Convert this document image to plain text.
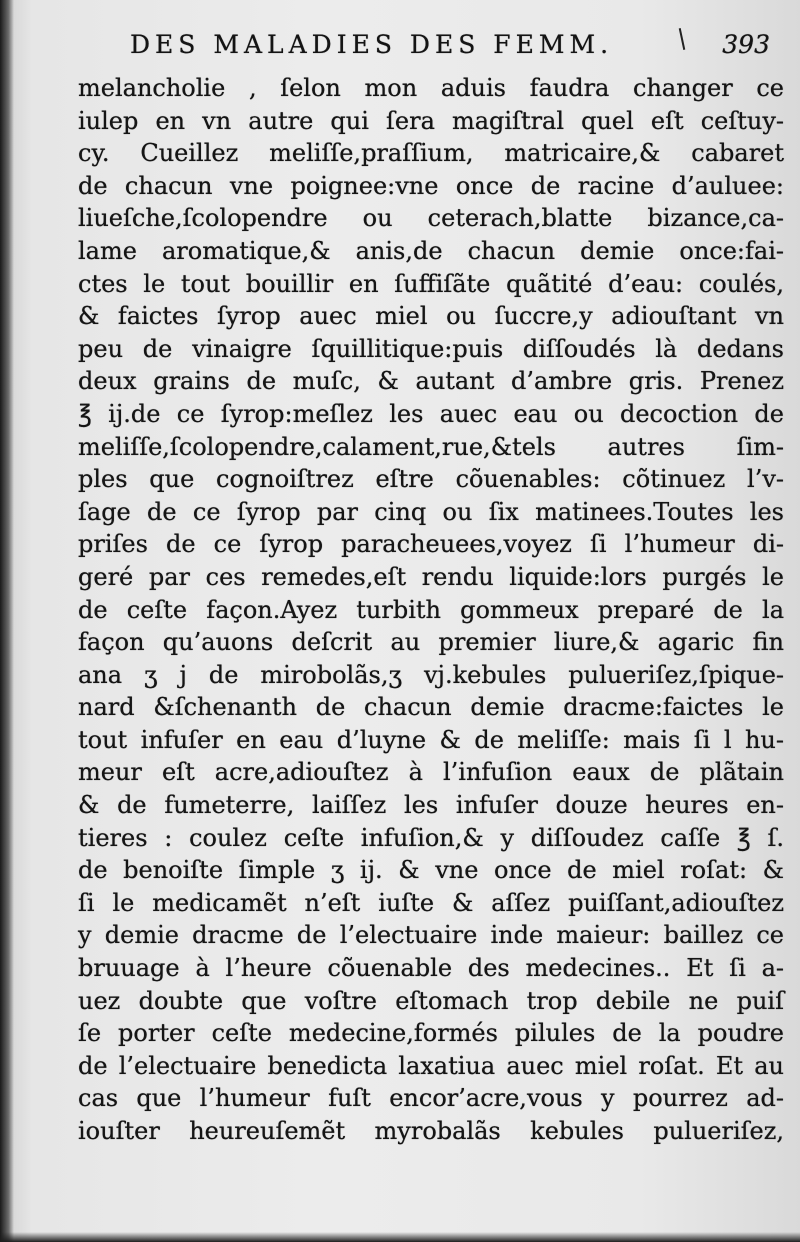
DES MALADIES DES FEMM.	393
melancholie , ſelon mon aduis faudra changer ce
iulep en vn autre qui ſera magiſtral quel eſt ceſtuy-
cy. Cueillez meliſſe,praſſium, matricaire,& cabaret
de chacun vne poignee:vne once de racine d’auluee:
liueſche,ſcolopendre ou ceterach,blatte bizance,ca-
lame aromatique,& anis,de chacun demie once:fai-
ctes le tout bouillir en ſuffiſãte quãtité d’eau: coulés,
& faictes ſyrop auec miel ou ſuccre,y adiouſtant vn
peu de vinaigre ſquillitique:puis diſſoudés là dedans
deux grains de muſc, & autant d’ambre gris. Prenez
℥ ij.de ce ſyrop:meſlez les auec eau ou decoction de
meliſſe,ſcolopendre,calament,rue,&tels autres ſim-
ples que cognoiſtrez eſtre cõuenables: cõtinuez l’v-
ſage de ce ſyrop par cinq ou ſix matinees.Toutes les
priſes de ce ſyrop paracheuees,voyez ſi l’humeur di-
geré par ces remedes,eſt rendu liquide:lors purgés le
de ceſte façon.Ayez turbith gommeux preparé de la
façon qu’auons deſcrit au premier liure,& agaric fin
ana ʒ j de mirobolãs,ʒ vj.kebules pulueriſez,ſpique-
nard &ſchenanth de chacun demie dracme:faictes le
tout infuſer en eau d’luyne & de meliſſe: mais ſi l hu-
meur eſt acre,adiouſtez à l’infuſion eaux de plãtain
& de fumeterre, laiſſez les infuſer douze heures en-
tieres : coulez ceſte infuſion,& y diſſoudez caſſe ℥ ſ.
de benoiſte ſimple ʒ ij. & vne once de miel roſat: &
ſi le medicamẽt n’eſt iuſte & aſſez puiſſant,adiouſtez
y demie dracme de l’electuaire inde maieur: baillez ce
bruuage à l’heure cõuenable des medecines.. Et ſi a-
uez doubte que voſtre eſtomach trop debile ne puiſ
ſe porter ceſte medecine,formés pilules de la poudre
de l’electuaire benedicta laxatiua auec miel roſat. Et au
cas que l’humeur fuſt encor’acre,vous y pourrez ad-
iouſter heureuſemẽt myrobalãs kebules pulueriſez,
